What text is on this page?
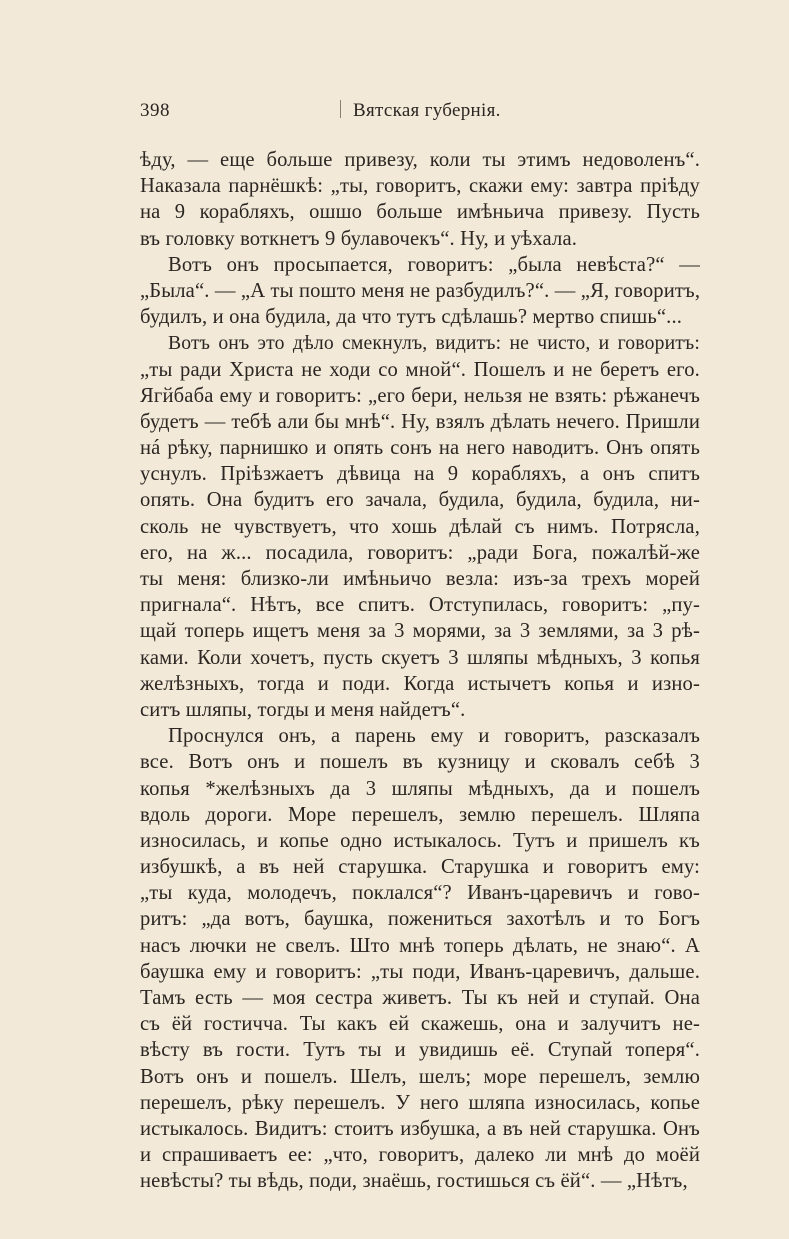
398	Вятская губернія.
ѣду, — еще больше привезу, коли ты этимъ недоволенъ“.
Наказала парнёшкѣ: „ты, говоритъ, скажи ему: завтра пріѣду
на 9 корабляхъ, ошшо больше имѣньича привезу. Пусть
въ головку воткнетъ 9 булавочекъ“. Ну, и уѣхала.
Вотъ онъ просыпается, говоритъ: „была невѣста?“ —
„Была“. — „А ты пошто меня не разбудилъ?“. — „Я, говоритъ,
будилъ, и она будила, да что тутъ сдѣлашь? мертво спишь“...
Вотъ онъ это дѣло смекнулъ, видитъ: не чисто, и говоритъ:
„ты ради Христа не ходи со мной“. Пошелъ и не беретъ его.
Ягйбаба ему и говоритъ: „его бери, нельзя не взять: рѣжанечъ
будетъ — тебѣ али бы мнѣ“. Ну, взялъ дѣлать нечего. Пришли
нá рѣку, парнишко и опять сонъ на него наводитъ. Онъ опять
уснулъ. Пріѣзжаетъ дѣвица на 9 корабляхъ, а онъ спитъ
опять. Она будитъ его зачала, будила, будила, будила, ни-
сколь не чувствуетъ, что хошь дѣлай съ нимъ. Потрясла,
его, на ж... посадила, говоритъ: „ради Бога, пожалѣй-же
ты меня: близко-ли имѣньичо везла: изъ-за трехъ морей
пригнала“. Нѣтъ, все спитъ. Отступилась, говоритъ: „пу-
щай топерь ищетъ меня за 3 морями, за 3 землями, за 3 рѣ-
ками. Коли хочетъ, пусть скуетъ 3 шляпы мѣдныхъ, 3 копья
желѣзныхъ, тогда и поди. Когда истычетъ копья и изно-
ситъ шляпы, тогды и меня найдетъ“.
Проснулся онъ, а парень ему и говоритъ, разсказалъ
все. Вотъ онъ и пошелъ въ кузницу и сковалъ себѣ 3
копья *желѣзныхъ да 3 шляпы мѣдныхъ, да и пошелъ
вдоль дороги. Море перешелъ, землю перешелъ. Шляпа
износилась, и копье одно истыкалось. Тутъ и пришелъ къ
избушкѣ, а въ ней старушка. Старушка и говоритъ ему:
„ты куда, молодечъ, поклался“? Иванъ-царевичъ и гово-
ритъ: „да вотъ, баушка, пожениться захотѣлъ и то Богъ
насъ лючки не свелъ. Што мнѣ топерь дѣлать, не знаю“. А
баушка ему и говоритъ: „ты поди, Иванъ-царевичъ, дальше.
Тамъ есть — моя сестра живетъ. Ты къ ней и ступай. Она
съ ёй гостичча. Ты какъ ей скажешь, она и залучитъ не-
вѣсту въ гости. Тутъ ты и увидишь её. Ступай топеря“.
Вотъ онъ и пошелъ. Шелъ, шелъ; море перешелъ, землю
перешелъ, рѣку перешелъ. У него шляпа износилась, копье
истыкалось. Видитъ: стоитъ избушка, а въ ней старушка. Онъ
и спрашиваетъ ее: „что, говоритъ, далеко ли мнѣ до моёй
невѣсты? ты вѣдь, поди, знаёшь, гостишься съ ёй“. — „Нѣтъ,
